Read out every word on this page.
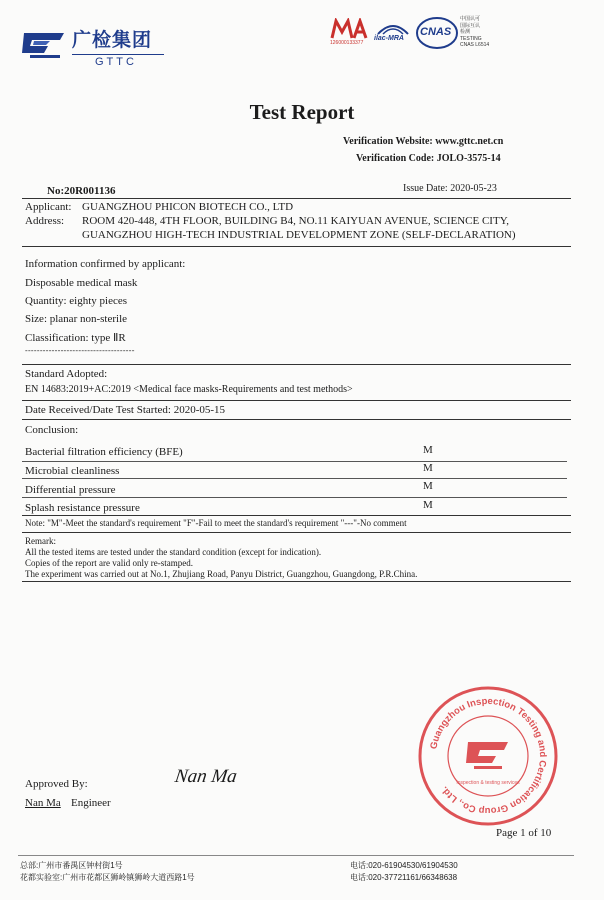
广检集团
GTTC
126000133377
ilac-MRA
CNAS
中国认可
国际互认
检测
TESTING
CNAS L6514
Test Report
Verification Website: www.gttc.net.cn
Verification Code: JOLO-3575-14
No:20R001136	Issue Date: 2020-05-23
Applicant: GUANGZHOU PHICON BIOTECH CO., LTD
Address: ROOM 420-448, 4TH FLOOR, BUILDING B4, NO.11 KAIYUAN AVENUE, SCIENCE CITY,
GUANGZHOU HIGH-TECH INDUSTRIAL DEVELOPMENT ZONE (SELF-DECLARATION)
Information confirmed by applicant:
Disposable medical mask
Quantity: eighty pieces
Size: planar non-sterile
Classification: type ⅡR
-------------------------------------
Standard Adopted:
EN 14683:2019+AC:2019 <Medical face masks-Requirements and test methods>
Date Received/Date Test Started: 2020-05-15
Conclusion:
Bacterial filtration efficiency (BFE)	M
Microbial cleanliness	M
Differential pressure	M
Splash resistance pressure	M
Note: "M"-Meet the standard's requirement "F"-Fail to meet the standard's requirement "---"-No comment
Remark:
All the tested items are tested under the standard condition (except for indication).
Copies of the report are valid only re-stamped.
The experiment was carried out at No.1, Zhujiang Road, Panyu District, Guangzhou, Guangdong, P.R.China.
Guangzhou Inspection Testing and Certification Group Co., Ltd.
Inspection & testing services
Approved By:	Nan Ma
Nan Ma Engineer
Page 1 of 10
总部:广州市番禺区钟村街1号
花都实验室:广州市花都区狮岭镇狮岭大道西路1号
电话:020-61904530/61904530
电话:020-37721161/66348638
